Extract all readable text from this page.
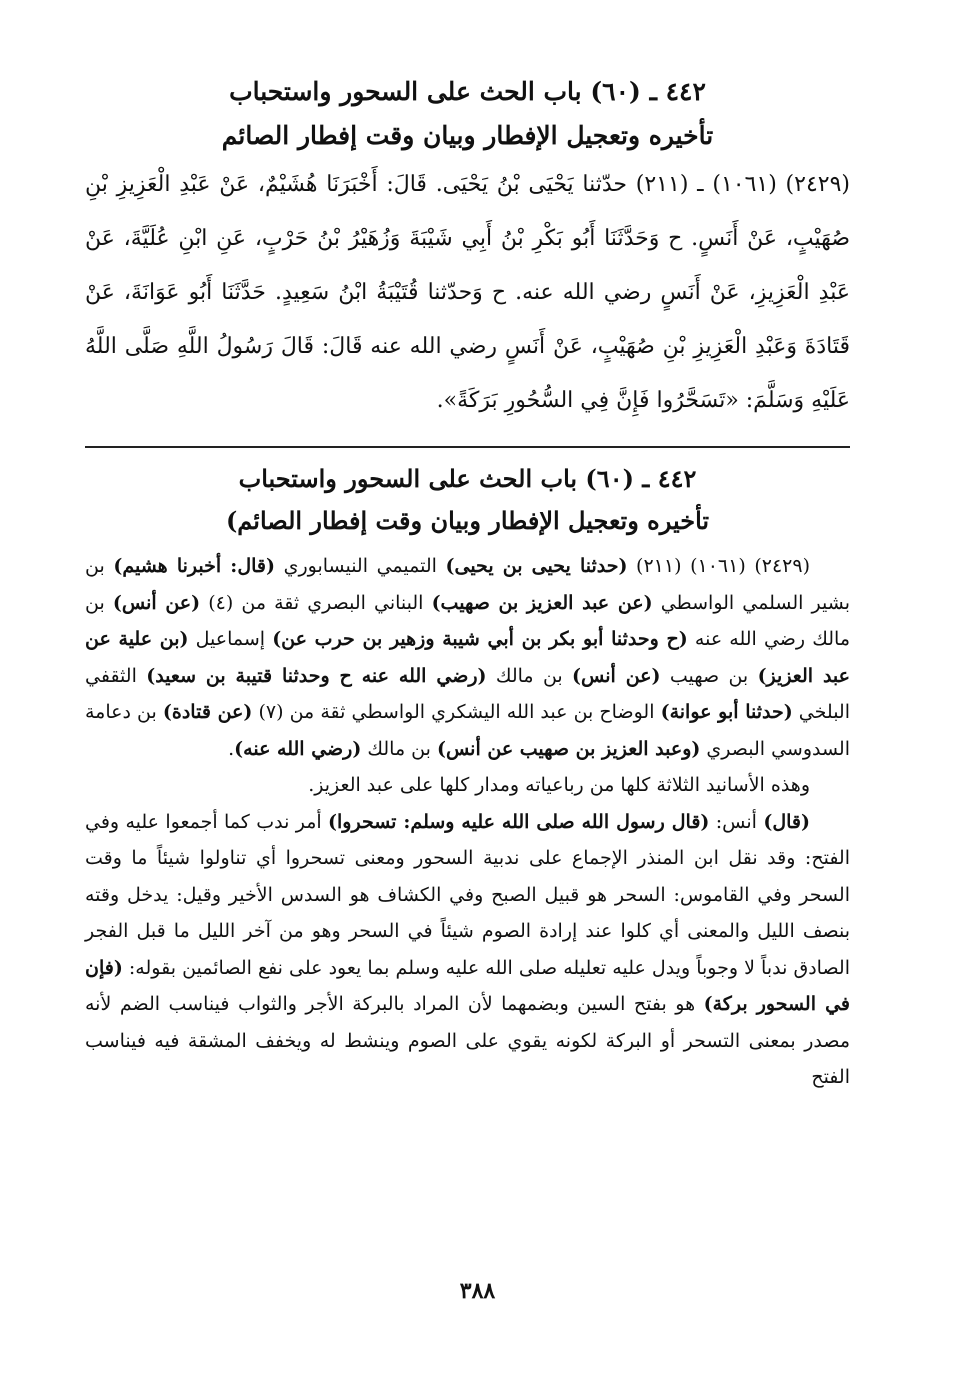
٤٤٢ ـ (٦٠) باب الحث على السحور واستحباب
تأخيره وتعجيل الإفطار وبيان وقت إفطار الصائم

(٢٤٢٩) (١٠٦١) ـ (٢١١) حدّثنا يَحْيَى بْنُ يَحْيَى. قَالَ: أَخْبَرَنَا هُشَيْمٌ، عَنْ عَبْدِ الْعَزِيزِ بْنِ صُهَيْبٍ، عَنْ أَنَسٍ. ح وَحَدَّثَنَا أَبُو بَكْرِ بْنُ أَبِي شَيْبَةَ وَزُهَيْرُ بْنُ حَرْبٍ، عَنِ ابْنِ عُلَيَّةَ، عَنْ عَبْدِ الْعَزِيزِ، عَنْ أَنَسٍ رضي الله عنه. ح وَحدّثنا قُتَيْبَةُ ابْنُ سَعِيدٍ. حَدَّثَنَا أَبُو عَوَانَةَ، عَنْ قَتَادَةَ وَعَبْدِ الْعَزِيزِ بْنِ صُهَيْبٍ، عَنْ أَنَسٍ رضي الله عنه قَالَ: قَالَ رَسُولُ اللَّهِ صَلَّى اللَّهُ عَلَيْهِ وَسَلَّمَ: «تَسَحَّرُوا فَإِنَّ فِي السُّحُورِ بَرَكَةً».

٤٤٢ ـ (٦٠) باب الحث على السحور واستحباب
تأخيره وتعجيل الإفطار وبيان وقت إفطار الصائم)
(٢٤٢٩) (١٠٦١) (٢١١) (حدثنا يحيى بن يحيى) التميمي النيسابوري (قال: أخبرنا هشيم) بن بشير السلمي الواسطي (عن عبد العزيز بن صهيب) البناني البصري ثقة من (٤) (عن أنس) بن مالك رضي الله عنه (ح وحدثنا أبو بكر بن أبي شيبة وزهير بن حرب عن) إسماعيل (بن علية عن عبد العزيز) بن صهيب (عن أنس) بن مالك (رضي الله عنه ح وحدثنا قتيبة بن سعيد) الثقفي البلخي (حدثنا أبو عوانة) الوضاح بن عبد الله اليشكري الواسطي ثقة من (٧) (عن قتادة) بن دعامة السدوسي البصري (وعبد العزيز بن صهيب عن أنس) بن مالك (رضي الله عنه).
وهذه الأسانيد الثلاثة كلها من رباعياته ومدار كلها على عبد العزيز.
(قال) أنس: (قال رسول الله صلى الله عليه وسلم: تسحروا) أمر ندب كما أجمعوا عليه وفي الفتح: وقد نقل ابن المنذر الإجماع على ندبية السحور ومعنى تسحروا أي تناولوا شيئاً ما وقت السحر وفي القاموس: السحر هو قبيل الصبح وفي الكشاف هو السدس الأخير وقيل: يدخل وقته بنصف الليل والمعنى أي كلوا عند إرادة الصوم شيئاً في السحر وهو من آخر الليل ما قبل الفجر الصادق ندباً لا وجوباً ويدل عليه تعليله صلى الله عليه وسلم بما يعود على نفع الصائمين بقوله: (فإن في السحور بركة) هو بفتح السين وبضمهما لأن المراد بالبركة الأجر والثواب فيناسب الضم لأنه مصدر بمعنى التسحر أو البركة لكونه يقوي على الصوم وينشط له ويخفف المشقة فيه فيناسب الفتح
٣٨٨
